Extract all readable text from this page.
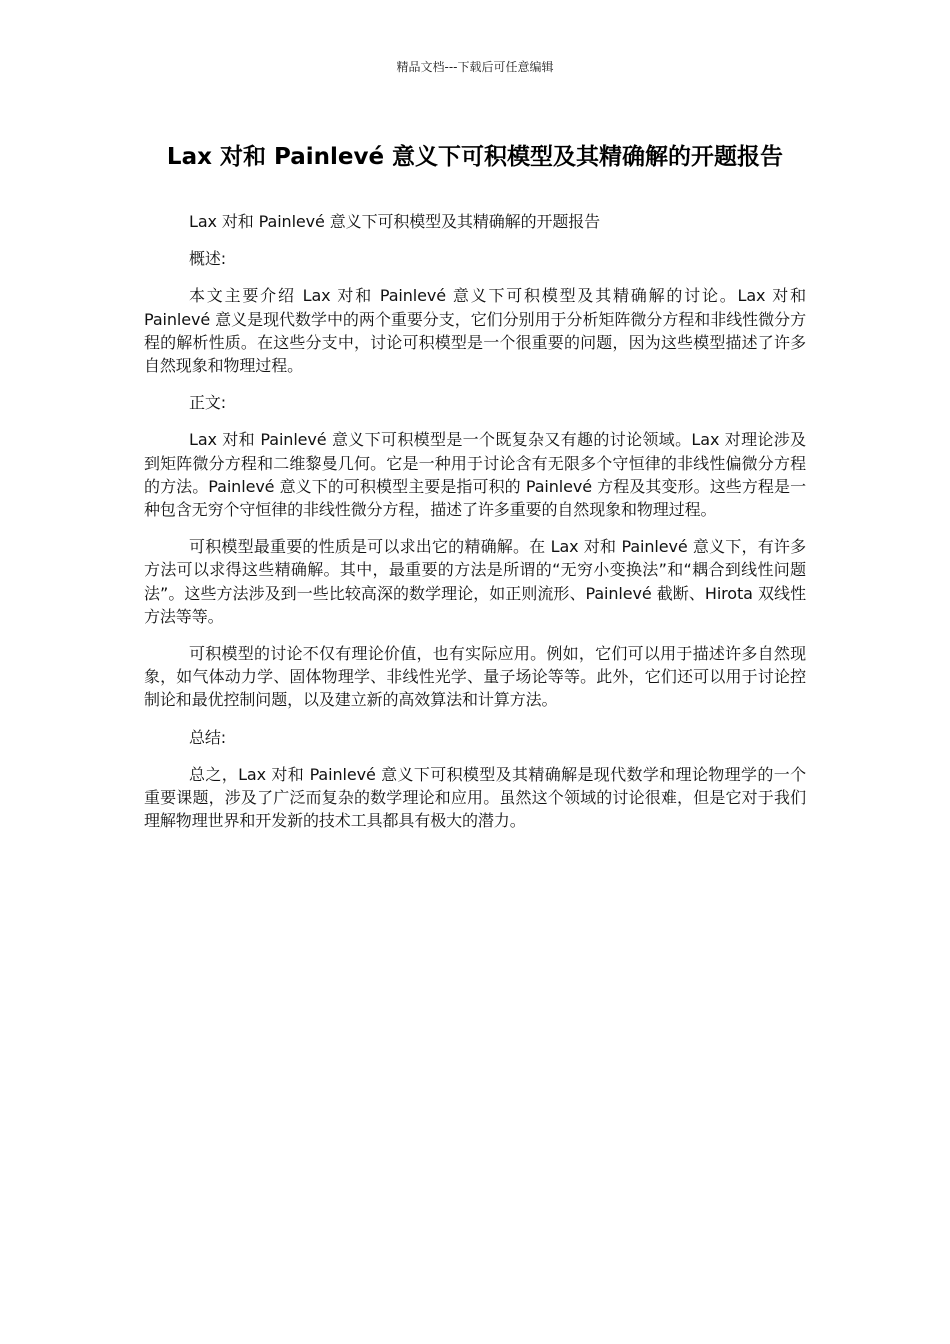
精品文档---下载后可任意编辑
Lax 对和 Painlevé 意义下可积模型及其精确解的开题报告

Lax 对和 Painlevé 意义下可积模型及其精确解的开题报告

概述:

本文主要介绍 Lax 对和 Painlevé 意义下可积模型及其精确解的讨论。Lax 对和 Painlevé 意义是现代数学中的两个重要分支，它们分别用于分析矩阵微分方程和非线性微分方程的解析性质。在这些分支中，讨论可积模型是一个很重要的问题，因为这些模型描述了许多自然现象和物理过程。

正文:

Lax 对和 Painlevé 意义下可积模型是一个既复杂又有趣的讨论领域。Lax 对理论涉及到矩阵微分方程和二维黎曼几何。它是一种用于讨论含有无限多个守恒律的非线性偏微分方程的方法。Painlevé 意义下的可积模型主要是指可积的 Painlevé 方程及其变形。这些方程是一种包含无穷个守恒律的非线性微分方程，描述了许多重要的自然现象和物理过程。

可积模型最重要的性质是可以求出它的精确解。在 Lax 对和 Painlevé 意义下，有许多方法可以求得这些精确解。其中，最重要的方法是所谓的“无穷小变换法”和“耦合到线性问题法”。这些方法涉及到一些比较高深的数学理论，如正则流形、Painlevé 截断、Hirota 双线性方法等等。

可积模型的讨论不仅有理论价值，也有实际应用。例如，它们可以用于描述许多自然现象，如气体动力学、固体物理学、非线性光学、量子场论等等。此外，它们还可以用于讨论控制论和最优控制问题，以及建立新的高效算法和计算方法。

总结:

总之，Lax 对和 Painlevé 意义下可积模型及其精确解是现代数学和理论物理学的一个重要课题，涉及了广泛而复杂的数学理论和应用。虽然这个领域的讨论很难，但是它对于我们理解物理世界和开发新的技术工具都具有极大的潜力。
